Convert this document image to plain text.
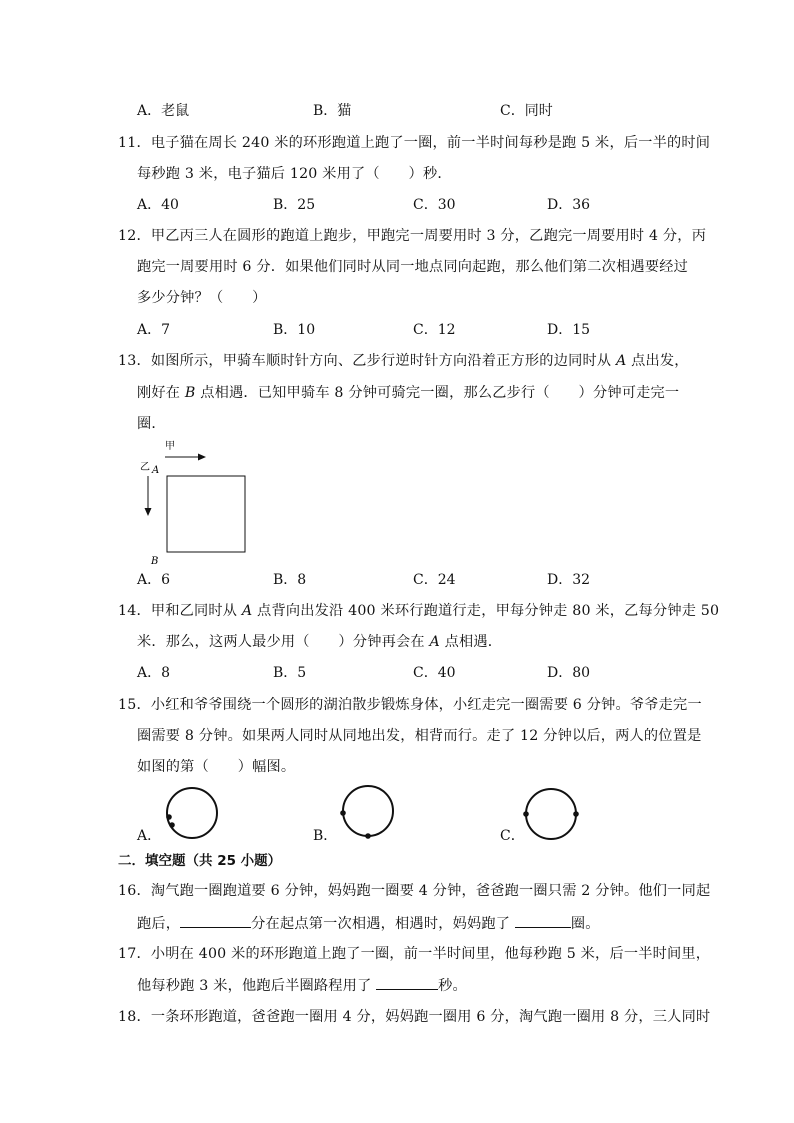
A．老鼠	B．猫	C．同时
11．电子猫在周长 240 米的环形跑道上跑了一圈，前一半时间每秒是跑 5 米，后一半的时间
每秒跑 3 米，电子猫后 120 米用了（　　）秒．
A．40	B．25	C．30	D．36
12．甲乙丙三人在圆形的跑道上跑步，甲跑完一周要用时 3 分，乙跑完一周要用时 4 分，丙
跑完一周要用时 6 分．如果他们同时从同一地点同向起跑，那么他们第二次相遇要经过
多少分钟？（　　）
A．7	B．10	C．12	D．15
13．如图所示，甲骑车顺时针方向、乙步行逆时针方向沿着正方形的边同时从 A 点出发，
刚好在 B 点相遇．已知甲骑车 8 分钟可骑完一圈，那么乙步行（　　）分钟可走完一
圈．
甲
乙 A
B
A．6	B．8	C．24	D．32
14．甲和乙同时从 A 点背向出发沿 400 米环行跑道行走，甲每分钟走 80 米，乙每分钟走 50
米．那么，这两人最少用（　　）分钟再会在 A 点相遇．
A．8	B．5	C．40	D．80
15．小红和爷爷围绕一个圆形的湖泊散步锻炼身体，小红走完一圈需要 6 分钟。爷爷走完一
圈需要 8 分钟。如果两人同时从同地出发，相背而行。走了 12 分钟以后，两人的位置是
如图的第（　　）幅图。
A．	B．	C．
二．填空题（共 25 小题）
16．淘气跑一圈跑道要 6 分钟，妈妈跑一圈要 4 分钟，爸爸跑一圈只需 2 分钟。他们一同起
跑后，	分在起点第一次相遇，相遇时，妈妈跑了	圈。
17．小明在 400 米的环形跑道上跑了一圈，前一半时间里，他每秒跑 5 米，后一半时间里，
他每秒跑 3 米，他跑后半圈路程用了	秒。
18．一条环形跑道，爸爸跑一圈用 4 分，妈妈跑一圈用 6 分，淘气跑一圈用 8 分，三人同时
